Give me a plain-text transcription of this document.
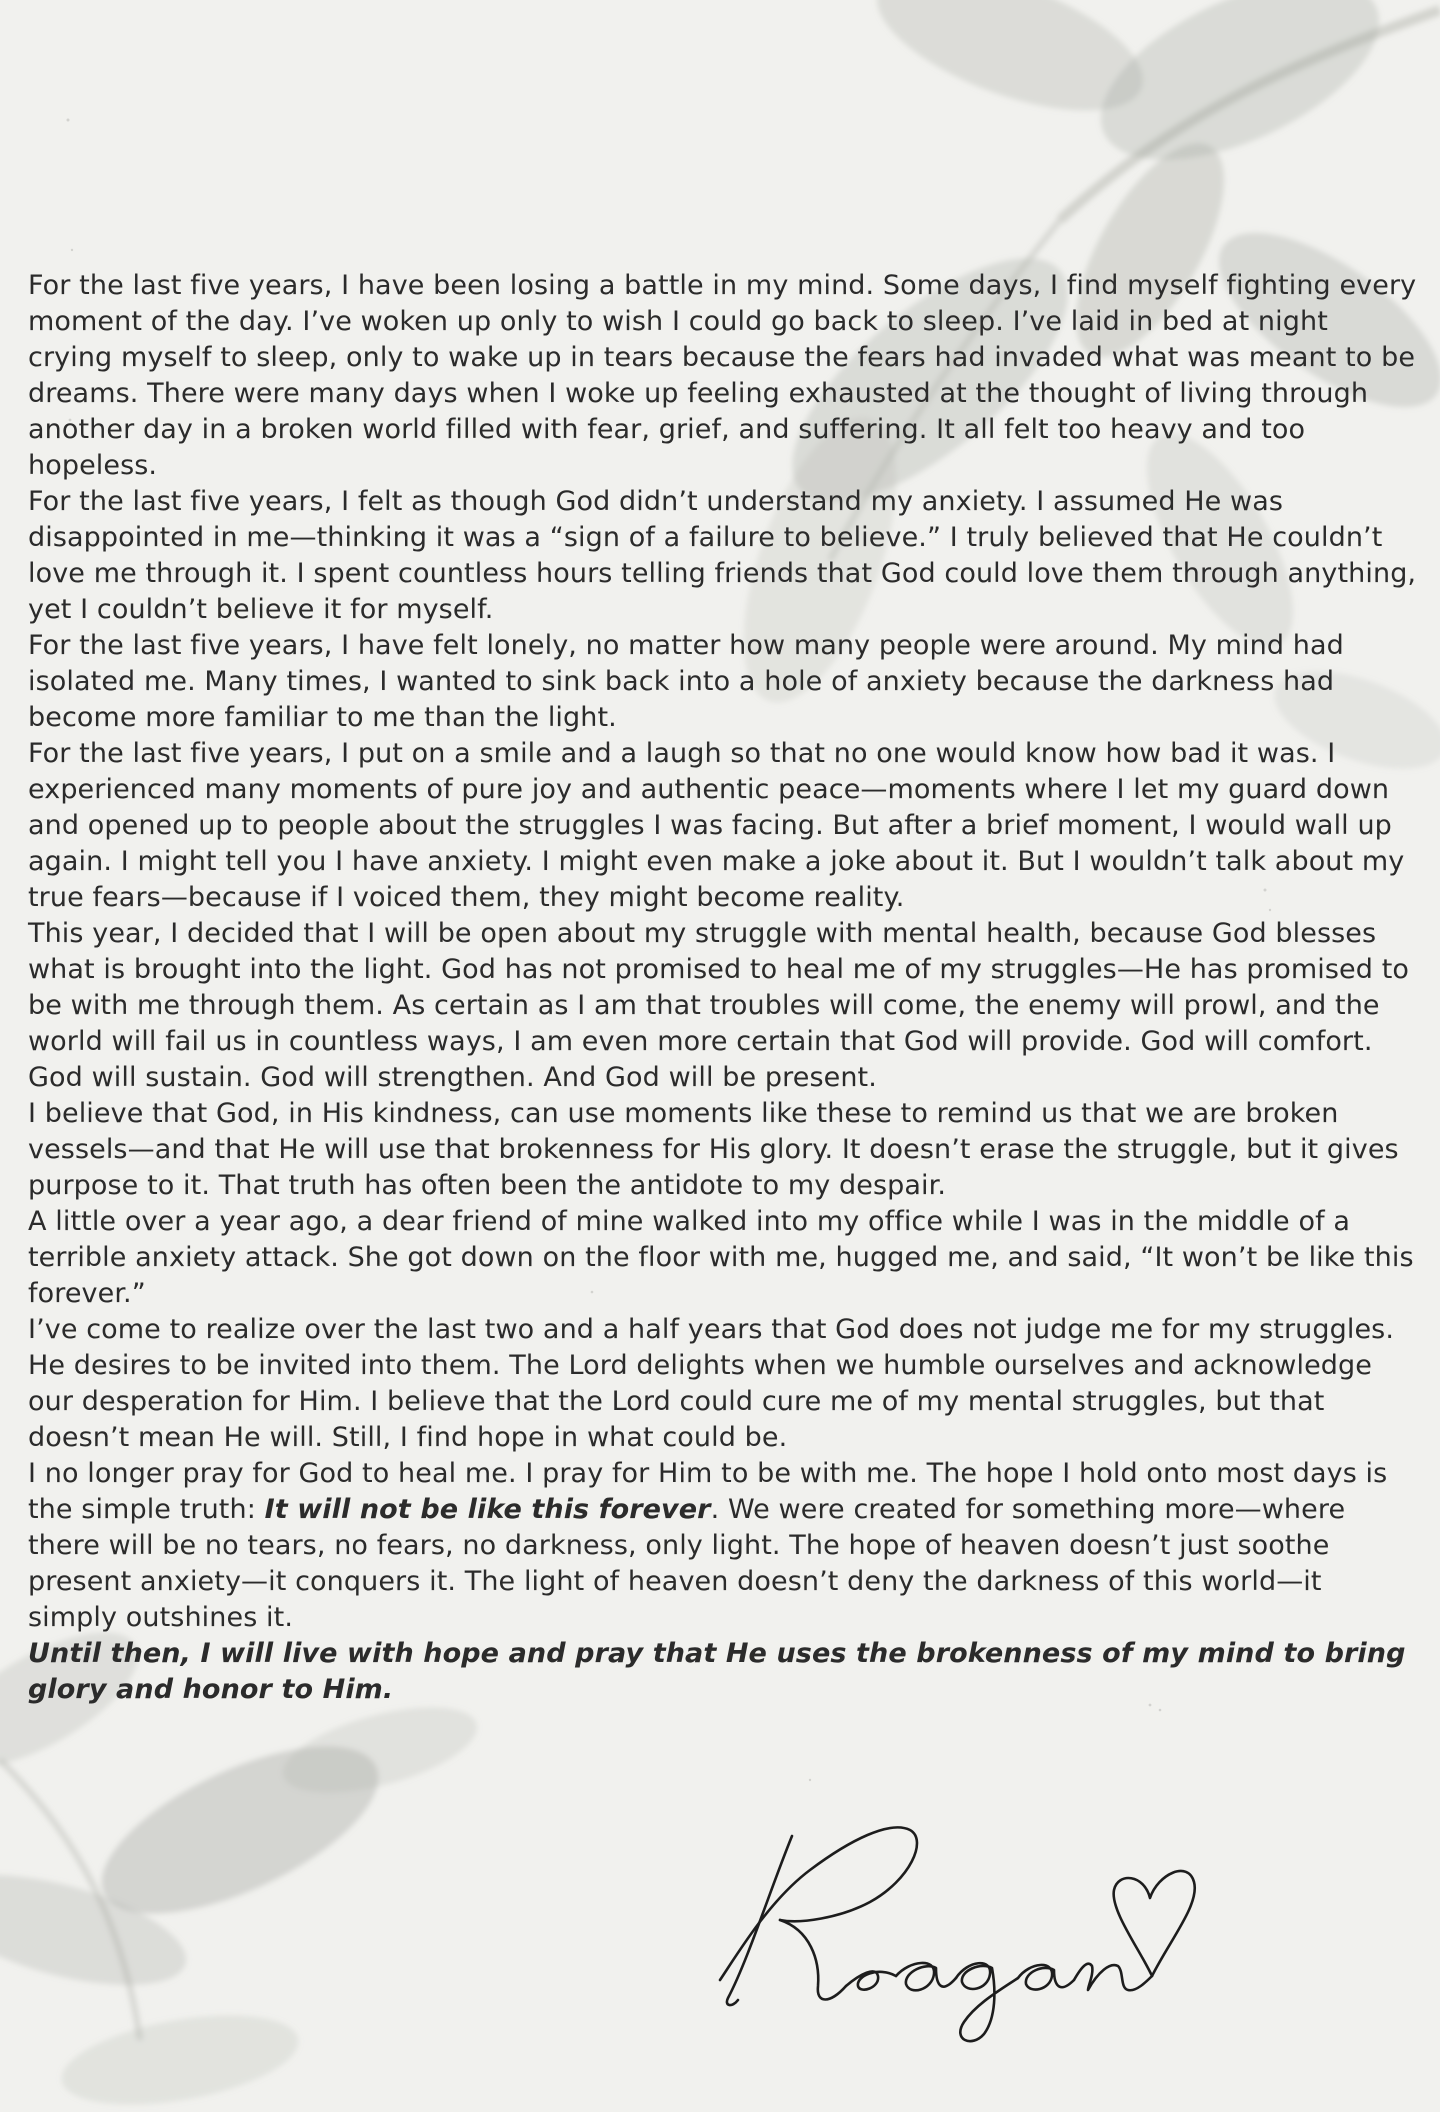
For the last five years, I have been losing a battle in my mind. Some days, I find myself fighting every moment of the day. I’ve woken up only to wish I could go back to sleep. I’ve laid in bed at night crying myself to sleep, only to wake up in tears because the fears had invaded what was meant to be dreams. There were many days when I woke up feeling exhausted at the thought of living through another day in a broken world filled with fear, grief, and suffering. It all felt too heavy and too hopeless.

For the last five years, I felt as though God didn’t understand my anxiety. I assumed He was disappointed in me—thinking it was a “sign of a failure to believe.” I truly believed that He couldn’t love me through it. I spent countless hours telling friends that God could love them through anything, yet I couldn’t believe it for myself.

For the last five years, I have felt lonely, no matter how many people were around. My mind had isolated me. Many times, I wanted to sink back into a hole of anxiety because the darkness had become more familiar to me than the light.

For the last five years, I put on a smile and a laugh so that no one would know how bad it was. I experienced many moments of pure joy and authentic peace—moments where I let my guard down and opened up to people about the struggles I was facing. But after a brief moment, I would wall up again. I might tell you I have anxiety. I might even make a joke about it. But I wouldn’t talk about my true fears—because if I voiced them, they might become reality.

This year, I decided that I will be open about my struggle with mental health, because God blesses what is brought into the light. God has not promised to heal me of my struggles—He has promised to be with me through them. As certain as I am that troubles will come, the enemy will prowl, and the world will fail us in countless ways, I am even more certain that God will provide. God will comfort. God will sustain. God will strengthen. And God will be present.

I believe that God, in His kindness, can use moments like these to remind us that we are broken vessels—and that He will use that brokenness for His glory. It doesn’t erase the struggle, but it gives purpose to it. That truth has often been the antidote to my despair.

A little over a year ago, a dear friend of mine walked into my office while I was in the middle of a terrible anxiety attack. She got down on the floor with me, hugged me, and said, “It won’t be like this forever.”

I’ve come to realize over the last two and a half years that God does not judge me for my struggles. He desires to be invited into them. The Lord delights when we humble ourselves and acknowledge our desperation for Him. I believe that the Lord could cure me of my mental struggles, but that doesn’t mean He will. Still, I find hope in what could be.

I no longer pray for God to heal me. I pray for Him to be with me. The hope I hold onto most days is the simple truth: It will not be like this forever. We were created for something more—where there will be no tears, no fears, no darkness, only light. The hope of heaven doesn’t just soothe present anxiety—it conquers it. The light of heaven doesn’t deny the darkness of this world—it simply outshines it.

Until then, I will live with hope and pray that He uses the brokenness of my mind to bring glory and honor to Him.
